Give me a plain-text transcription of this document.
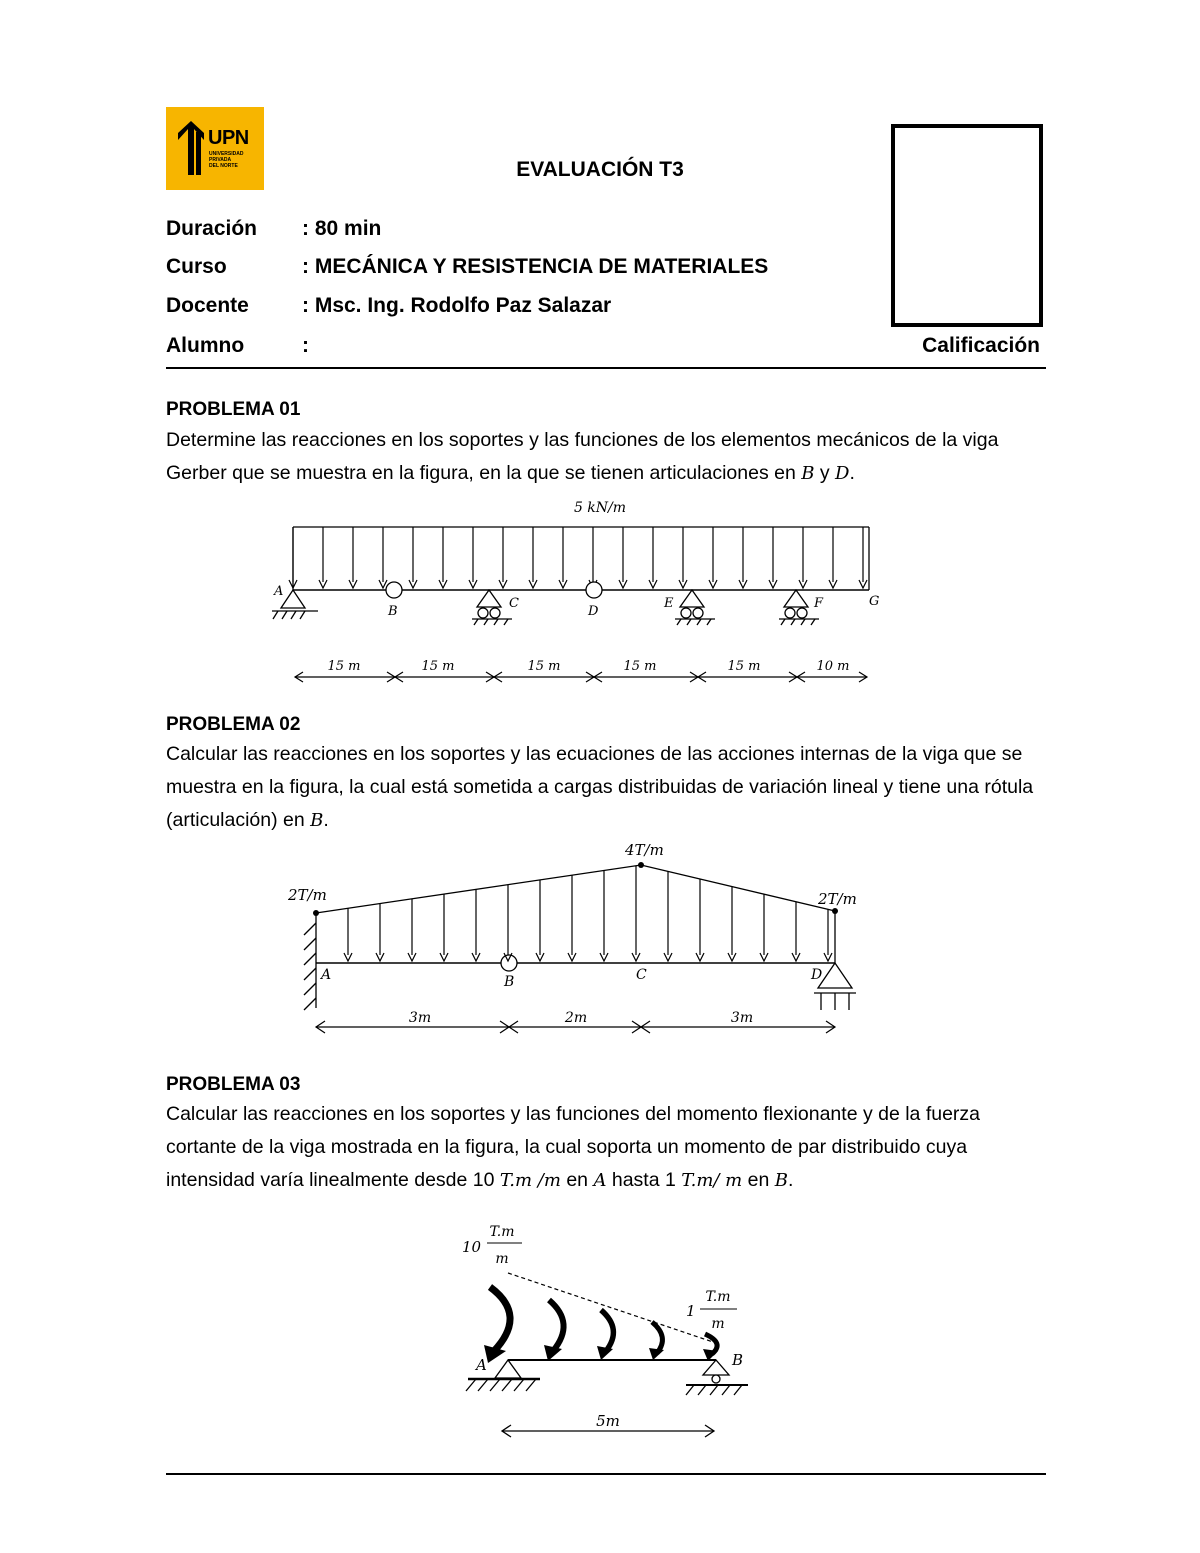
UPN
UNIVERSIDAD
PRIVADA
DEL NORTE	EVALUACIÓN T3
Duración : 80 min
Curso	: MECÁNICA Y RESISTENCIA DE MATERIALES
Docente	: Msc. Ing. Rodolfo Paz Salazar
Alumno	:	Calificación
PROBLEMA 01
Determine las reacciones en los soportes y las funciones de los elementos mecánicos de la viga Gerber que se muestra en la figura, en la que se tienen articulaciones en B y D.
5 kN/m
A
B
C
D
E	F	G
15 m	15 m	15 m	15 m	15 m	10 m
PROBLEMA 02
Calcular las reacciones en los soportes y las ecuaciones de las acciones internas de la viga que se muestra en la figura, la cual está sometida a cargas distribuidas de variación lineal y tiene una rótula (articulación) en B.
2T/m
4T/m
2T/m
A	B	C	D
3m	2m	3m
PROBLEMA 03
Calcular las reacciones en los soportes y las funciones del momento flexionante y de la fuerza cortante de la viga mostrada en la figura, la cual soporta un momento de par distribuido cuya intensidad varía linealmente desde 10 T.m /m en A hasta 1 T.m/ m en B.
10
T.m
m
1
T.m
m
A	B
5m
